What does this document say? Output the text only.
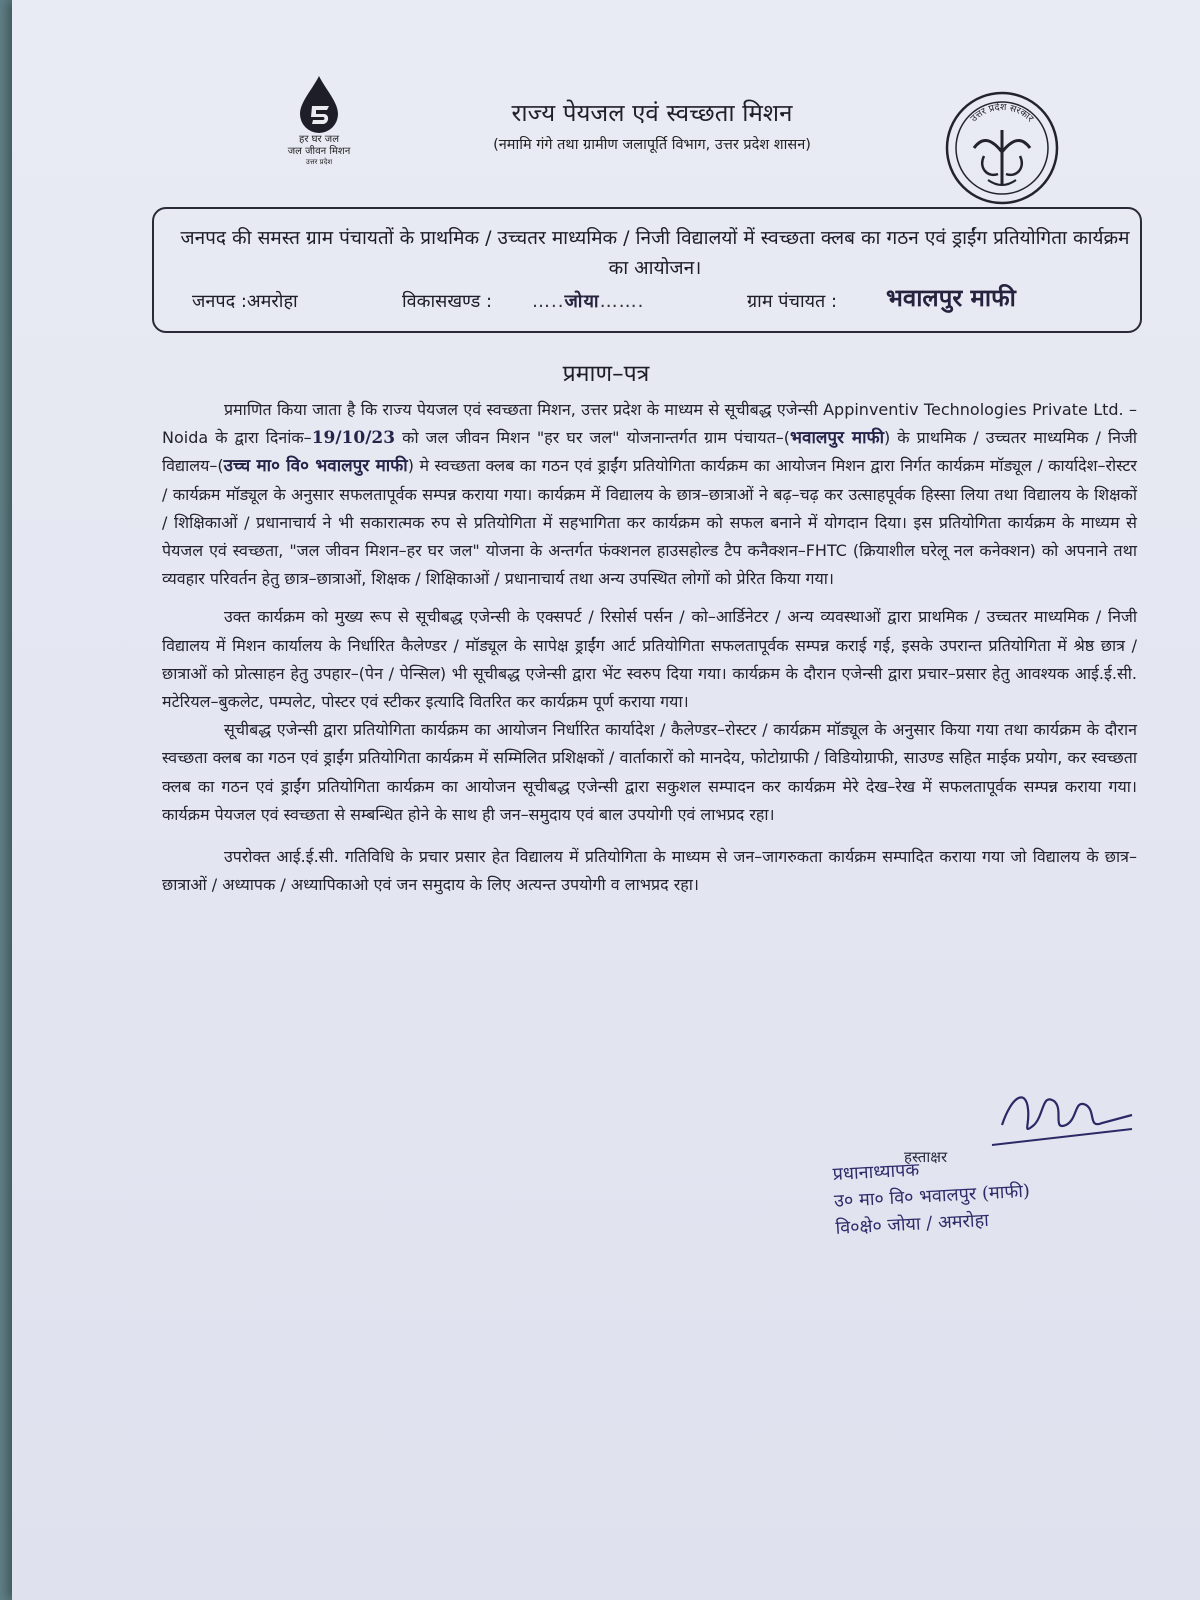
हर घर जल
जल जीवन मिशन
उत्तर प्रदेश
राज्य पेयजल एवं स्वच्छता मिशन
(नमामि गंगे तथा ग्रामीण जलापूर्ति विभाग, उत्तर प्रदेश शासन)
उत्तर प्रदेश सरकार
जनपद की समस्त ग्राम पंचायतों के प्राथमिक / उच्चतर माध्यमिक / निजी विद्यालयों में स्वच्छता क्लब का गठन एवं ड्राईंग प्रतियोगिता कार्यक्रम का आयोजन।
जनपद :अमरोहा	विकासखण्ड : …..जोया…….	ग्राम पंचायत : भवालपुर माफी
प्रमाण–पत्र

प्रमाणित किया जाता है कि राज्य पेयजल एवं स्वच्छता मिशन, उत्तर प्रदेश के माध्यम से सूचीबद्ध एजेन्सी Appinventiv Technologies Private Ltd. – Noida के द्वारा दिनांक–19/10/23 को जल जीवन मिशन "हर घर जल" योजनान्तर्गत ग्राम पंचायत–(भवालपुर माफी) के प्राथमिक / उच्चतर माध्यमिक / निजी विद्यालय–(उच्च मा० वि० भवालपुर माफी) मे स्वच्छता क्लब का गठन एवं ड्राईंग प्रतियोगिता कार्यक्रम का आयोजन मिशन द्वारा निर्गत कार्यक्रम मॉड्यूल / कार्यादेश–रोस्टर / कार्यक्रम मॉड्यूल के अनुसार सफलतापूर्वक सम्पन्न कराया गया। कार्यक्रम में विद्यालय के छात्र–छात्राओं ने बढ़–चढ़ कर उत्साहपूर्वक हिस्सा लिया तथा विद्यालय के शिक्षकों / शिक्षिकाओं / प्रधानाचार्य ने भी सकारात्मक रुप से प्रतियोगिता में सहभागिता कर कार्यक्रम को सफल बनाने में योगदान दिया। इस प्रतियोगिता कार्यक्रम के माध्यम से पेयजल एवं स्वच्छता, "जल जीवन मिशन–हर घर जल" योजना के अन्तर्गत फंक्शनल हाउसहोल्ड टैप कनैक्शन–FHTC (क्रियाशील घरेलू नल कनेक्शन) को अपनाने तथा व्यवहार परिवर्तन हेतु छात्र–छात्राओं, शिक्षक / शिक्षिकाओं / प्रधानाचार्य तथा अन्य उपस्थित लोगों को प्रेरित किया गया।

उक्त कार्यक्रम को मुख्य रूप से सूचीबद्ध एजेन्सी के एक्सपर्ट / रिसोर्स पर्सन / को–आर्डिनेटर / अन्य व्यवस्थाओं द्वारा प्राथमिक / उच्चतर माध्यमिक / निजी विद्यालय में मिशन कार्यालय के निर्धारित कैलेण्डर / मॉड्यूल के सापेक्ष ड्राईंग आर्ट प्रतियोगिता सफलतापूर्वक सम्पन्न कराई गई, इसके उपरान्त प्रतियोगिता में श्रेष्ठ छात्र / छात्राओं को प्रोत्साहन हेतु उपहार–(पेन / पेन्सिल) भी सूचीबद्ध एजेन्सी द्वारा भेंट स्वरुप दिया गया। कार्यक्रम के दौरान एजेन्सी द्वारा प्रचार–प्रसार हेतु आवश्यक आई.ई.सी. मटेरियल–बुकलेट, पम्पलेट, पोस्टर एवं स्टीकर इत्यादि वितरित कर कार्यक्रम पूर्ण कराया गया।

सूचीबद्ध एजेन्सी द्वारा प्रतियोगिता कार्यक्रम का आयोजन निर्धारित कार्यादेश / कैलेण्डर–रोस्टर / कार्यक्रम मॉड्यूल के अनुसार किया गया तथा कार्यक्रम के दौरान स्वच्छता क्लब का गठन एवं ड्राईंग प्रतियोगिता कार्यक्रम में सम्मिलित प्रशिक्षकों / वार्ताकारों को मानदेय, फोटोग्राफी / विडियोग्राफी, साउण्ड सहित माईक प्रयोग, कर स्वच्छता क्लब का गठन एवं ड्राईंग प्रतियोगिता कार्यक्रम का आयोजन सूचीबद्ध एजेन्सी द्वारा सकुशल सम्पादन कर कार्यक्रम मेरे देख–रेख में सफलतापूर्वक सम्पन्न कराया गया। कार्यक्रम पेयजल एवं स्वच्छता से सम्बन्धित होने के साथ ही जन–समुदाय एवं बाल उपयोगी एवं लाभप्रद रहा।

उपरोक्त आई.ई.सी. गतिविधि के प्रचार प्रसार हेत विद्यालय में प्रतियोगिता के माध्यम से जन–जागरुकता कार्यक्रम सम्पादित कराया गया जो विद्यालय के छात्र–छात्राओं / अध्यापक / अध्यापिकाओ एवं जन समुदाय के लिए अत्यन्त उपयोगी व लाभप्रद रहा।

हस्ताक्षर
प्रधानाध्यापक
उ० मा० वि० भवालपुर (माफी)
वि०क्षे० जोया / अमरोहा
